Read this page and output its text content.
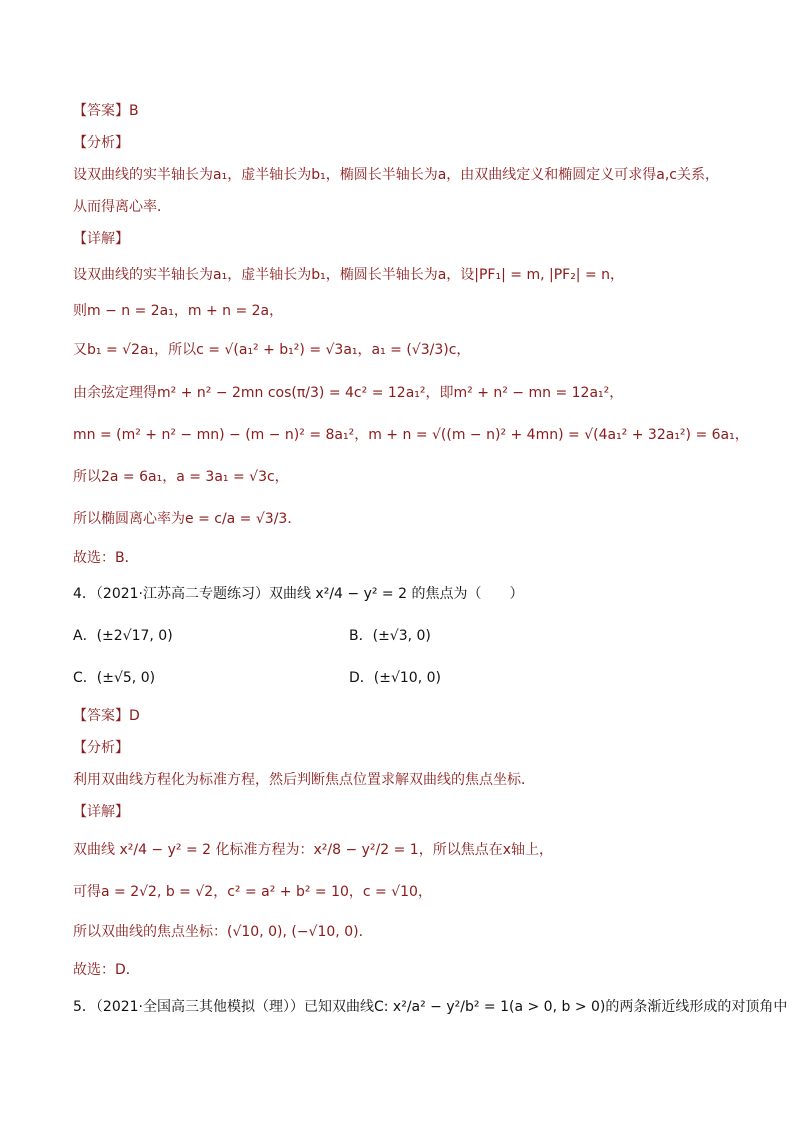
【答案】B
【分析】
设双曲线的实半轴长为a₁，虚半轴长为b₁，椭圆长半轴长为a，由双曲线定义和椭圆定义可求得a,c关系，
从而得离心率．
【详解】
设双曲线的实半轴长为a₁，虚半轴长为b₁，椭圆长半轴长为a，设|PF₁| = m, |PF₂| = n，
则m − n = 2a₁，m + n = 2a，
又b₁ = √2a₁，所以c = √(a₁² + b₁²) = √3a₁，a₁ = (√3/3)c，
由余弦定理得m² + n² − 2mn cos(π/3) = 4c² = 12a₁²，即m² + n² − mn = 12a₁²，
mn = (m² + n² − mn) − (m − n)² = 8a₁²，m + n = √((m − n)² + 4mn) = √(4a₁² + 32a₁²) = 6a₁，
所以2a = 6a₁，a = 3a₁ = √3c，
所以椭圆离心率为e = c/a = √3/3．
故选：B．
4．（2021·江苏高二专题练习）双曲线 x²/4 − y² = 2 的焦点为（　　）
A．(±2√17, 0)	B．(±√3, 0)
C．(±√5, 0)	D．(±√10, 0)
【答案】D
【分析】
利用双曲线方程化为标准方程，然后判断焦点位置求解双曲线的焦点坐标．
【详解】
双曲线 x²/4 − y² = 2 化标准方程为：x²/8 − y²/2 = 1，所以焦点在x轴上，
可得a = 2√2, b = √2，c² = a² + b² = 10，c = √10，
所以双曲线的焦点坐标：(√10, 0), (−√10, 0)．
故选：D．
5．（2021·全国高三其他模拟（理））已知双曲线C: x²/a² − y²/b² = 1(a > 0, b > 0)的两条渐近线形成的对顶角中
